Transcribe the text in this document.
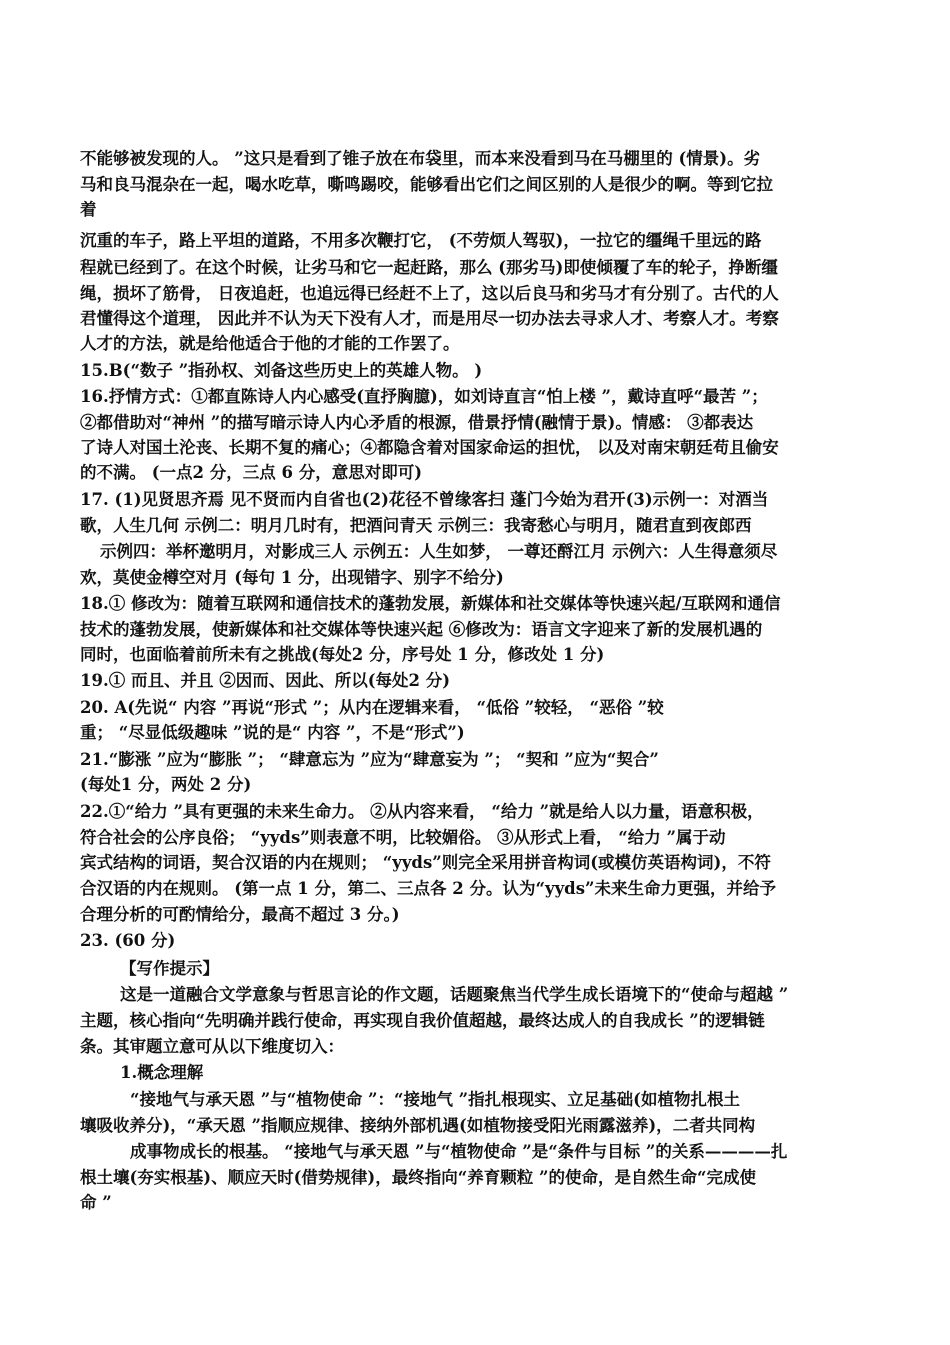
不能够被发现的人。 ”这只是看到了锥子放在布袋里，而本来没看到马在马棚里的 (情景)。劣
马和良马混杂在一起，喝水吃草，嘶鸣踢咬，能够看出它们之间区别的人是很少的啊。等到它拉
着
沉重的车子，路上平坦的道路，不用多次鞭打它， (不劳烦人驾驭)，一拉它的缰绳千里远的路
程就已经到了。在这个时候，让劣马和它一起赶路，那么 (那劣马)即使倾覆了车的轮子，挣断缰
绳，损坏了筋骨， 日夜追赶，也追远得已经赶不上了，这以后良马和劣马才有分别了。古代的人
君懂得这个道理， 因此并不认为天下没有人才，而是用尽一切办法去寻求人才、考察人才。考察
人才的方法，就是给他适合于他的才能的工作罢了。
15.B(“数子 ”指孙权、刘备这些历史上的英雄人物。 )
16.抒情方式：①都直陈诗人内心感受(直抒胸臆)，如刘诗直言“怕上楼 ”，戴诗直呼“最苦 ”；
②都借助对“神州 ”的描写暗示诗人内心矛盾的根源，借景抒情(融情于景)。情感： ③都表达
了诗人对国土沦丧、长期不复的痛心；④都隐含着对国家命运的担忧， 以及对南宋朝廷苟且偷安
的不满。 (一点2 分，三点 6 分，意思对即可)
17. (1)见贤思齐焉 见不贤而内自省也(2)花径不曾缘客扫 蓬门今始为君开(3)示例一：对酒当
歌，人生几何 示例二：明月几时有，把酒问青天 示例三：我寄愁心与明月，随君直到夜郎西
示例四：举杯邀明月，对影成三人 示例五：人生如梦， 一尊还酹江月 示例六：人生得意须尽
欢，莫使金樽空对月 (每句 1 分，出现错字、别字不给分)
18.① 修改为：随着互联网和通信技术的蓬勃发展，新媒体和社交媒体等快速兴起/互联网和通信
技术的蓬勃发展，使新媒体和社交媒体等快速兴起 ⑥修改为：语言文字迎来了新的发展机遇的
同时，也面临着前所未有之挑战(每处2 分，序号处 1 分，修改处 1 分)
19.① 而且、并且 ②因而、因此、所以(每处2 分)
20. A(先说“ 内容 ”再说“形式 ”；从内在逻辑来看， “低俗 ”较轻， “恶俗 ”较
重； “尽显低级趣味 ”说的是“ 内容 ”，不是“形式”)
21.“膨涨 ”应为“膨胀 ”； “肆意忘为 ”应为“肆意妄为 ”； “契和 ”应为“契合”
(每处1 分，两处 2 分)
22.①“给力 ”具有更强的未来生命力。 ②从内容来看， “给力 ”就是给人以力量，语意积极，
符合社会的公序良俗； “yyds”则表意不明，比较媚俗。 ③从形式上看， “给力 ”属于动
宾式结构的词语，契合汉语的内在规则； “yyds”则完全采用拼音构词(或模仿英语构词)，不符
合汉语的内在规则。 (第一点 1 分，第二、三点各 2 分。认为“yyds”未来生命力更强，并给予
合理分析的可酌情给分，最高不超过 3 分。)
23. (60 分)
【写作提示】
这是一道融合文学意象与哲思言论的作文题，话题聚焦当代学生成长语境下的“使命与超越 ”
主题，核心指向“先明确并践行使命，再实现自我价值超越，最终达成人的自我成长 ”的逻辑链
条。其审题立意可从以下维度切入：
1.概念理解
“接地气与承天恩 ”与“植物使命 ”：“接地气 ”指扎根现实、立足基础(如植物扎根土
壤吸收养分)，“承天恩 ”指顺应规律、接纳外部机遇(如植物接受阳光雨露滋养)，二者共同构
成事物成长的根基。 “接地气与承天恩 ”与“植物使命 ”是“条件与目标 ”的关系————扎
根土壤(夯实根基)、顺应天时(借势规律)，最终指向“养育颗粒 ”的使命，是自然生命“完成使
命 ”
